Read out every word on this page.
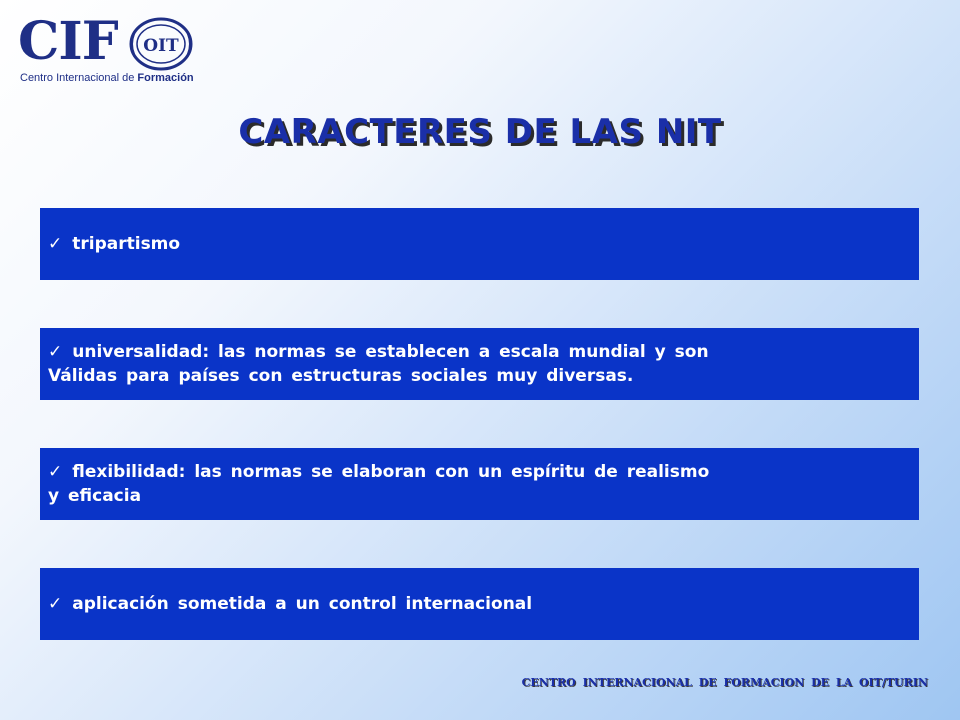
CIF OIT
Centro Internacional de Formación
CARACTERES DE LAS NIT
✓ tripartismo
✓ universalidad: las normas se establecen a escala mundial y son
Válidas para países con estructuras sociales muy diversas.
✓ flexibilidad: las normas se elaboran con un espíritu de realismo
y eficacia
✓ aplicación sometida a un control internacional
CENTRO INTERNACIONAL DE FORMACION DE LA OIT/TURIN
